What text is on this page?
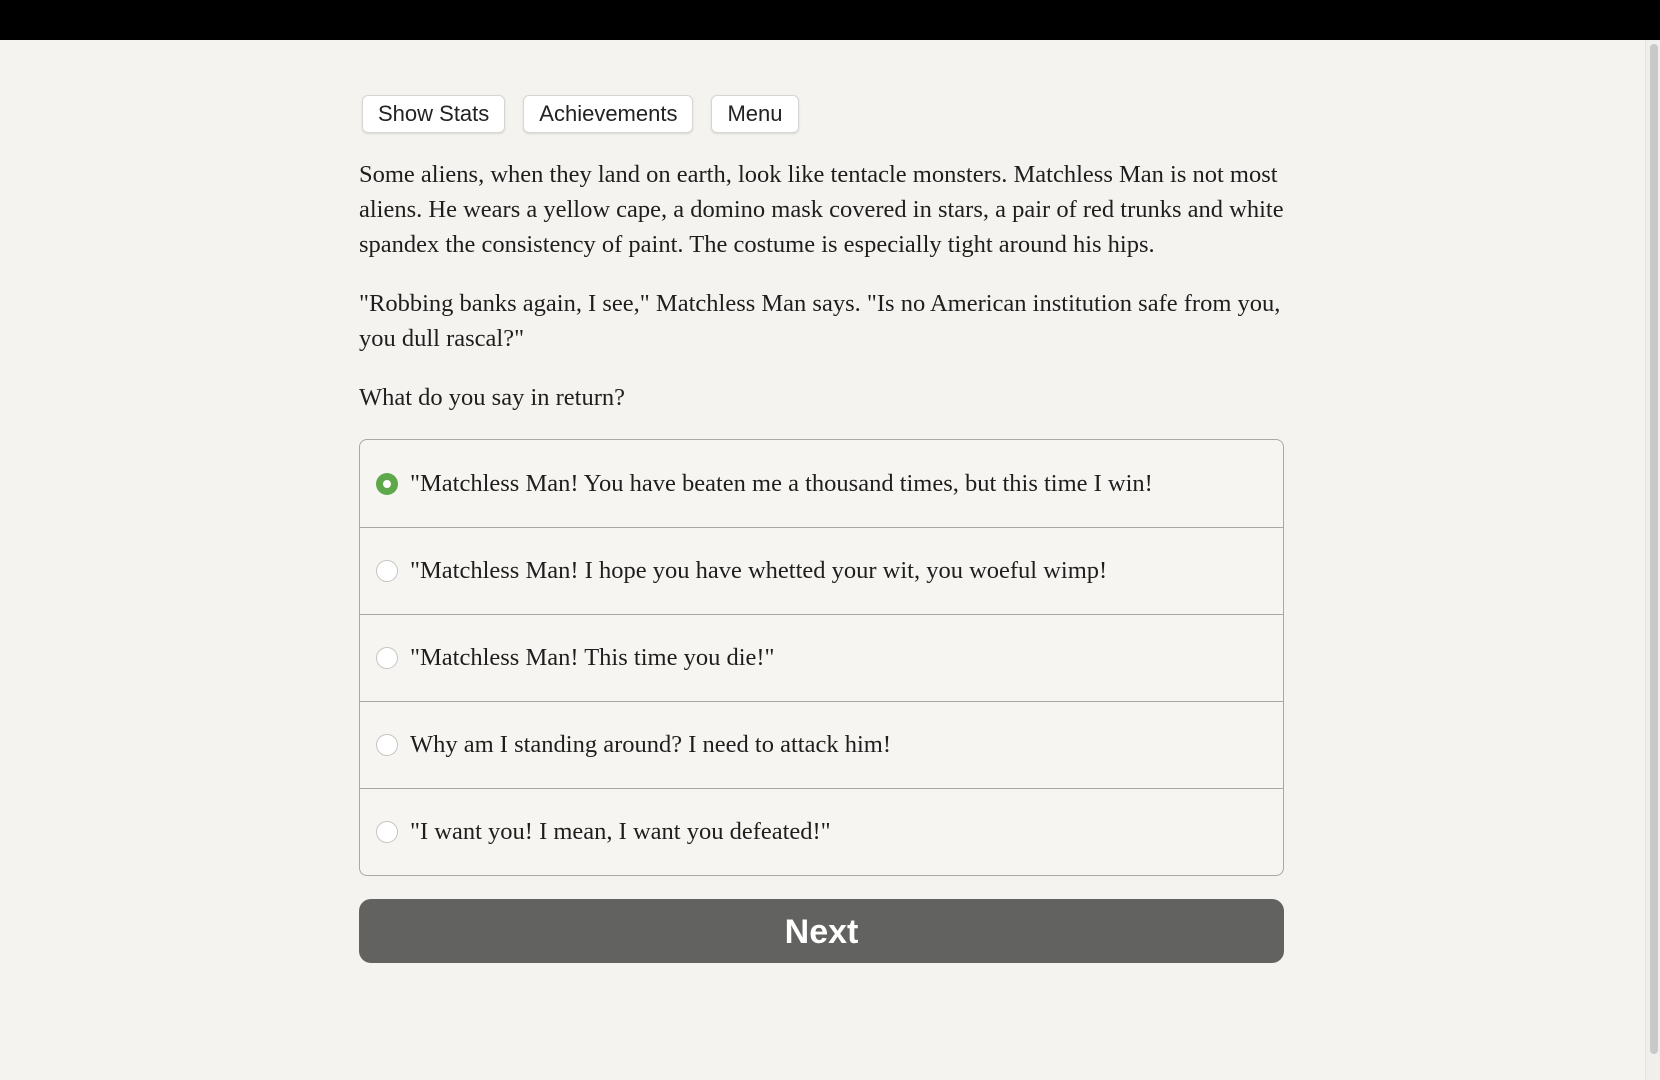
Show Stats	Achievements	Menu

Some aliens, when they land on earth, look like tentacle monsters. Matchless Man is not most aliens. He wears a yellow cape, a domino mask covered in stars, a pair of red trunks and white spandex the consistency of paint. The costume is especially tight around his hips.

"Robbing banks again, I see," Matchless Man says. "Is no American institution safe from you, you dull rascal?"

What do you say in return?

"Matchless Man! You have beaten me a thousand times, but this time I win!
"Matchless Man! I hope you have whetted your wit, you woeful wimp!
"Matchless Man! This time you die!"
Why am I standing around? I need to attack him!
"I want you! I mean, I want you defeated!"
Next
